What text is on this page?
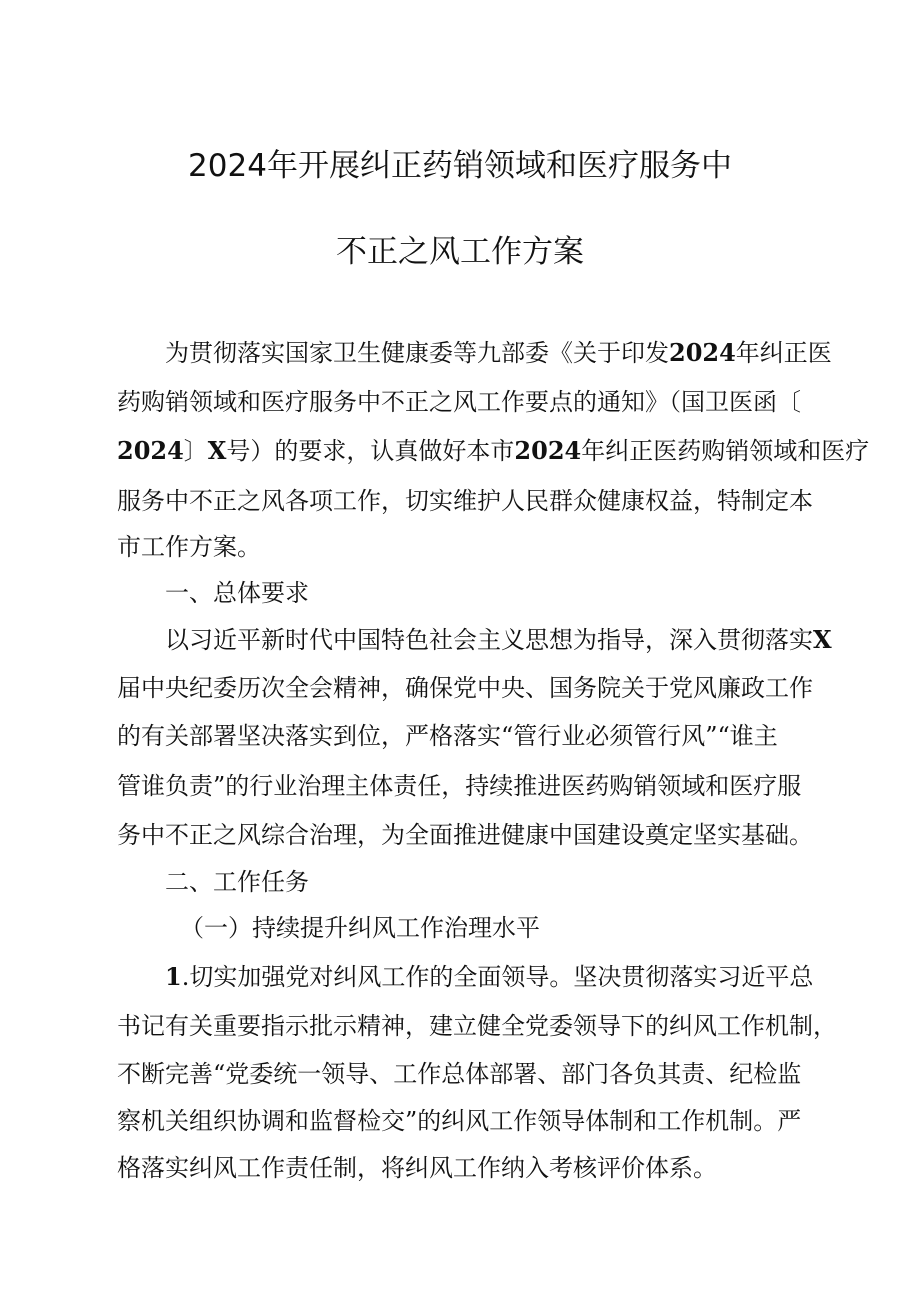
2024年开展纠正药销领域和医疗服务中
不正之风工作方案
为贯彻落实国家卫生健康委等九部委《关于印发2024年纠正医
药购销领域和医疗服务中不正之风工作要点的通知》（国卫医函〔
2024〕X号）的要求，认真做好本市2024年纠正医药购销领域和医疗
服务中不正之风各项工作，切实维护人民群众健康权益，特制定本
市工作方案。
一、总体要求
以习近平新时代中国特色社会主义思想为指导，深入贯彻落实X
届中央纪委历次全会精神，确保党中央、国务院关于党风廉政工作
的有关部署坚决落实到位，严格落实“管行业必须管行风”“谁主
管谁负责”的行业治理主体责任，持续推进医药购销领域和医疗服
务中不正之风综合治理，为全面推进健康中国建设奠定坚实基础。
二、工作任务
（一）持续提升纠风工作治理水平
1.切实加强党对纠风工作的全面领导。坚决贯彻落实习近平总
书记有关重要指示批示精神，建立健全党委领导下的纠风工作机制，
不断完善“党委统一领导、工作总体部署、部门各负其责、纪检监
察机关组织协调和监督检交”的纠风工作领导体制和工作机制。严
格落实纠风工作责任制，将纠风工作纳入考核评价体系。
